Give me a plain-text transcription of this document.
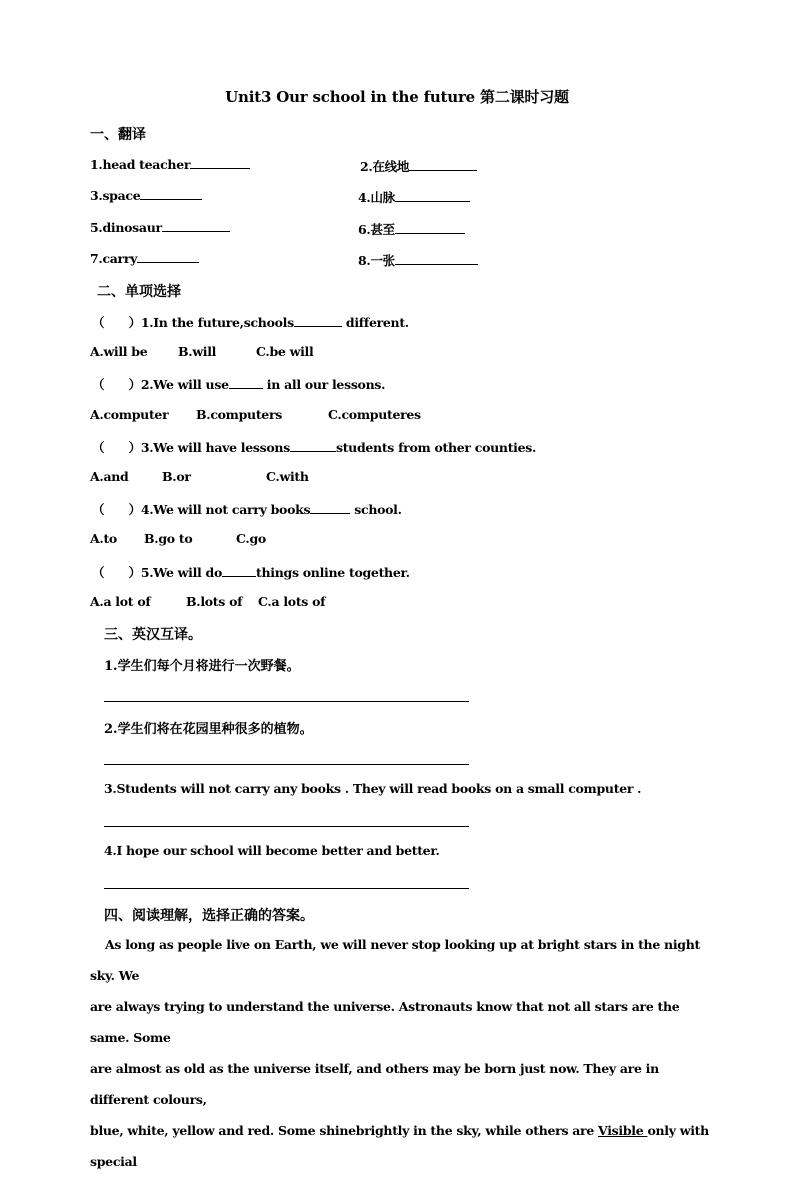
Unit3 Our school in the future 第二课时习题
一、翻译
1.head teacher	2.在线地
3.space	4.山脉
5.dinosaur	6.甚至
7.carry	8.一张
二、单项选择
（　　）1.In the future,schools	different.
A.will be B.will	C.be will
（　　）2.We will use	in all our lessons.
A.computer B.computers	C.computeres
（　　）3.We will have lessons	students from other counties.
A.and	B.or	C.with
（　　）4.We will not carry books	school.
A.to B.go to	C.go
（　　）5.We will do	things online together.
A.a lot of	B.lots of C.a lots of
三、英汉互译。
1.学生们每个月将进行一次野餐。
2.学生们将在花园里种很多的植物。
3.Students will not carry any books . They will read books on a small computer .
4.I hope our school will become better and better.
四、阅读理解，选择正确的答案。

As long as people live on Earth, we will never stop looking up at bright stars in the night sky. We

are always trying to understand the universe. Astronauts know that not all stars are the same. Some

are almost as old as the universe itself, and others may be born just now. They are in different colours,

blue, white, yellow and red. Some shinebrightly in the sky, while others are Visible only with special
